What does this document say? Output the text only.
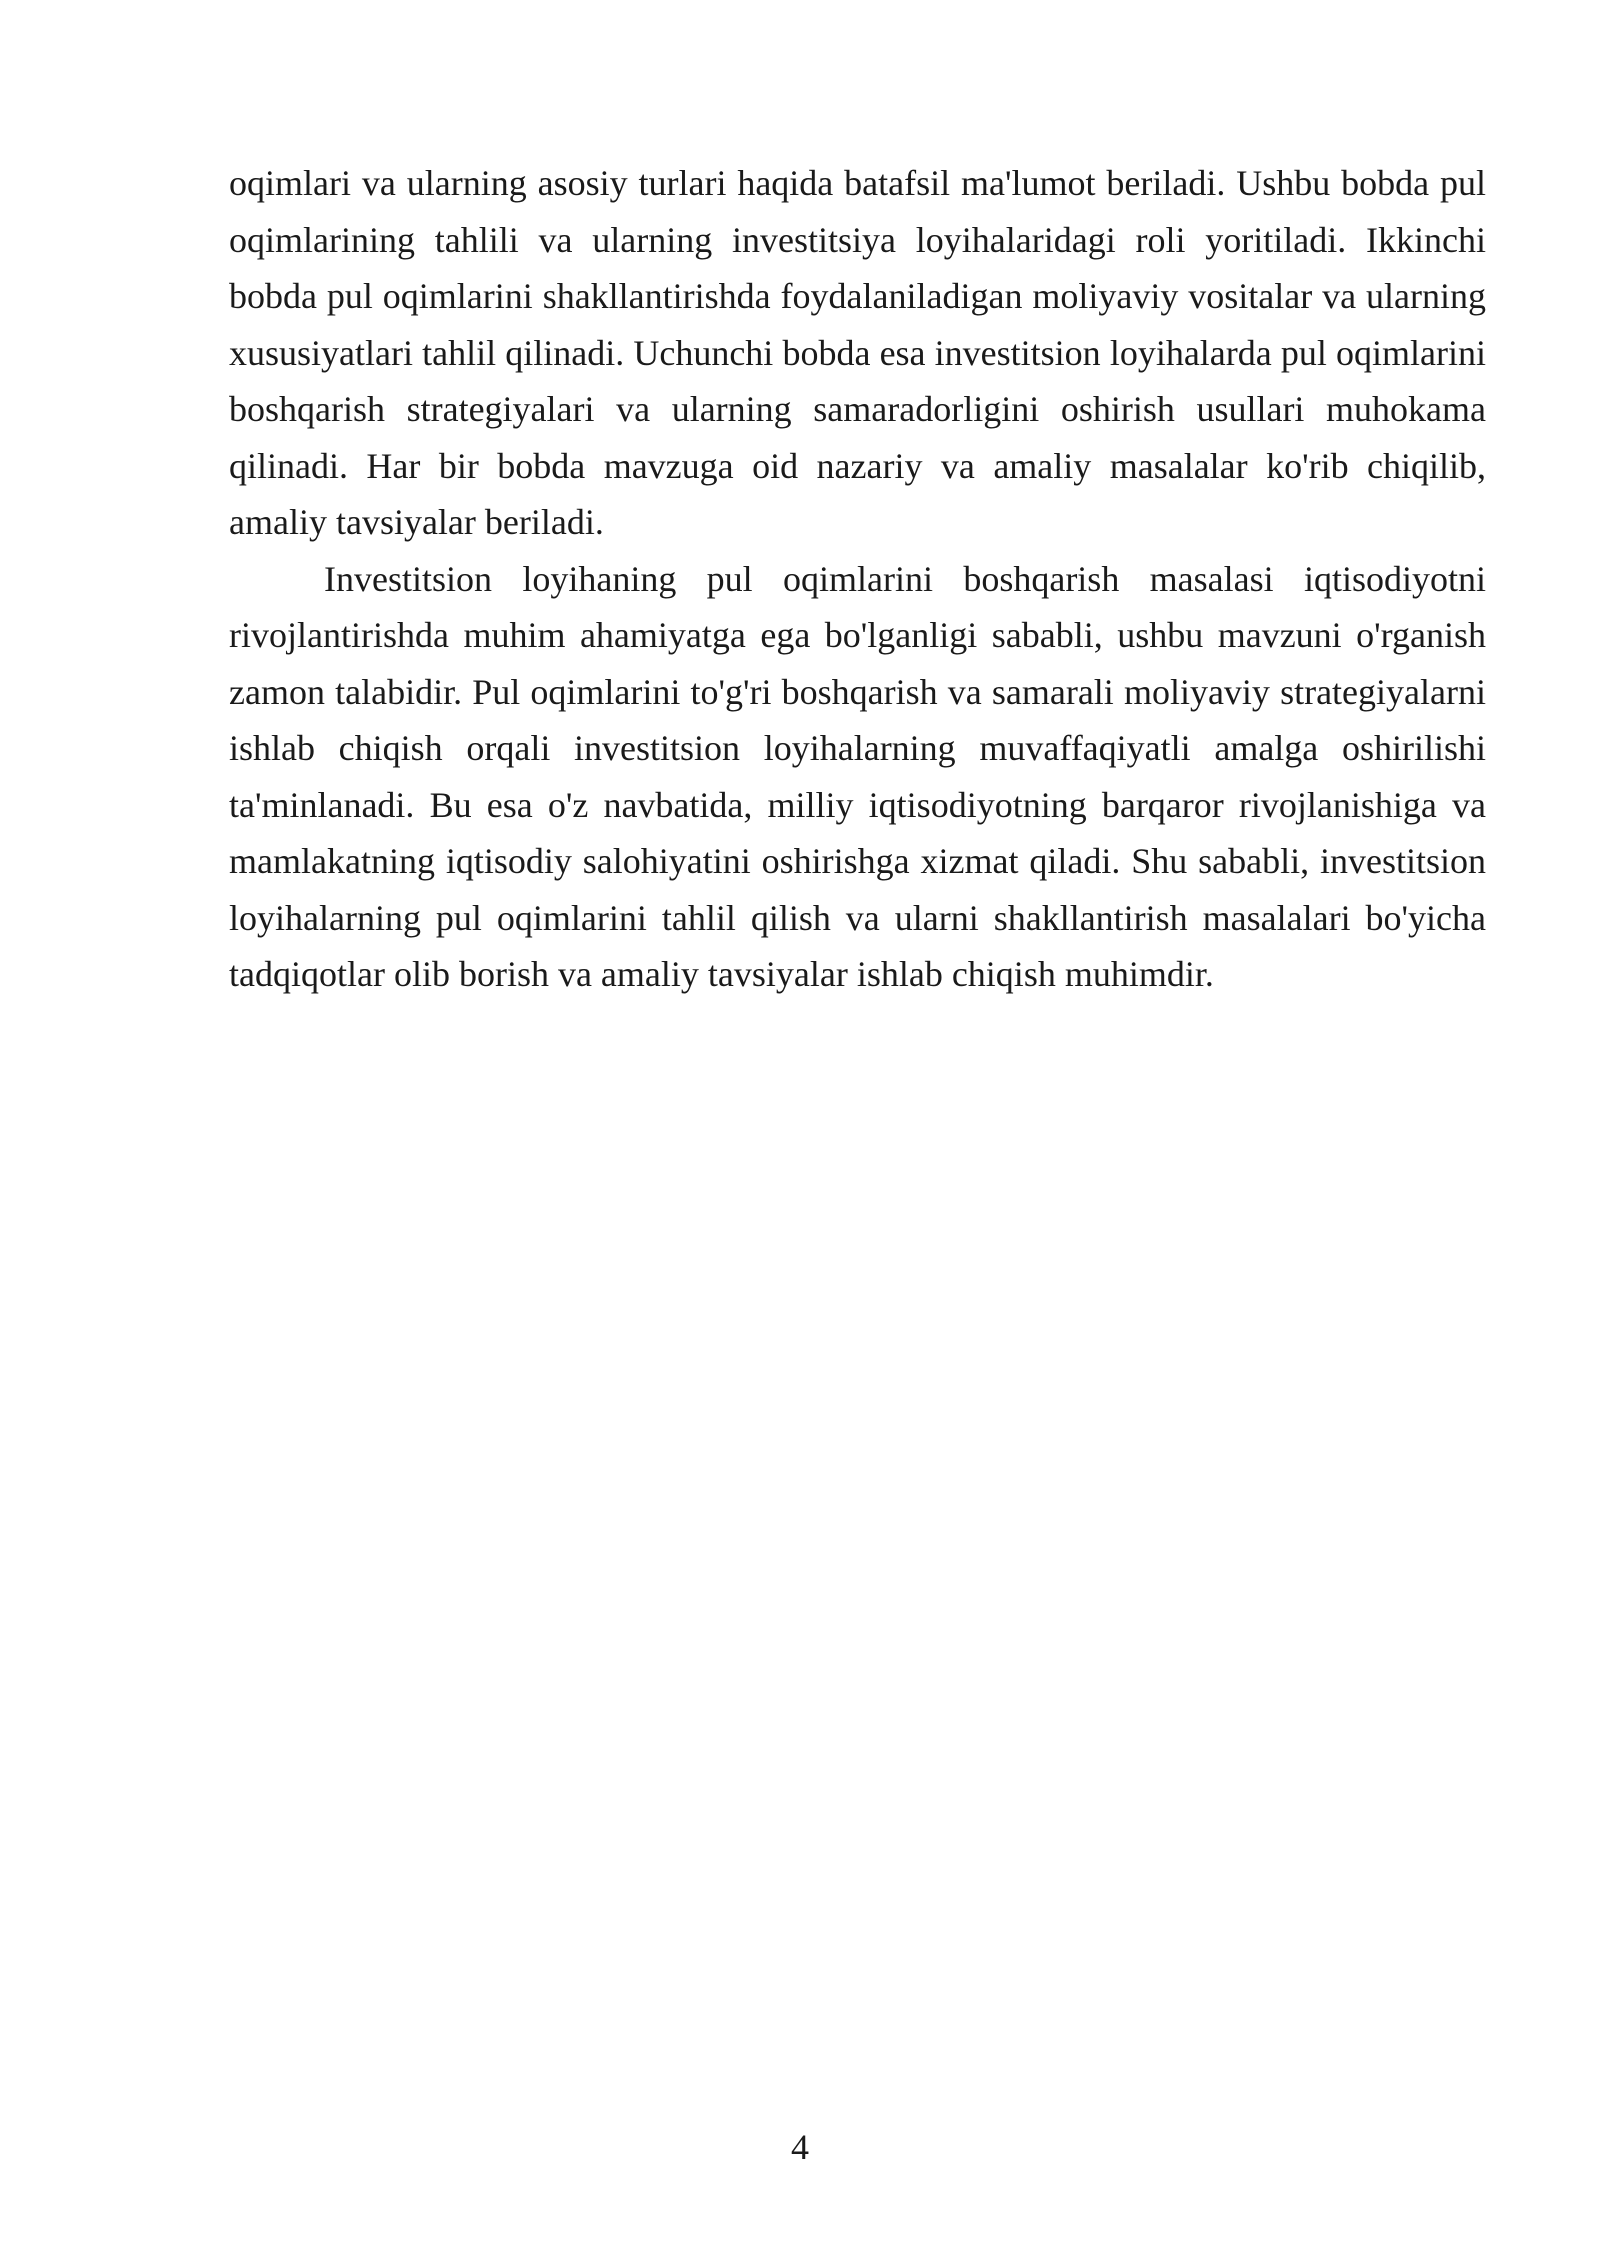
oqimlari va ularning asosiy turlari haqida batafsil ma'lumot beriladi. Ushbu bobda pul oqimlarining tahlili va ularning investitsiya loyihalaridagi roli yoritiladi. Ikkinchi bobda pul oqimlarini shakllantirishda foydalaniladigan moliyaviy vositalar va ularning xususiyatlari tahlil qilinadi. Uchunchi bobda esa investitsion loyihalarda pul oqimlarini boshqarish strategiyalari va ularning samaradorligini oshirish usullari muhokama qilinadi. Har bir bobda mavzuga oid nazariy va amaliy masalalar ko'rib chiqilib, amaliy tavsiyalar beriladi.

Investitsion loyihaning pul oqimlarini boshqarish masalasi iqtisodiyotni rivojlantirishda muhim ahamiyatga ega bo'lganligi sababli, ushbu mavzuni o'rganish zamon talabidir. Pul oqimlarini to'g'ri boshqarish va samarali moliyaviy strategiyalarni ishlab chiqish orqali investitsion loyihalarning muvaffaqiyatli amalga oshirilishi ta'minlanadi. Bu esa o'z navbatida, milliy iqtisodiyotning barqaror rivojlanishiga va mamlakatning iqtisodiy salohiyatini oshirishga xizmat qiladi. Shu sababli, investitsion loyihalarning pul oqimlarini tahlil qilish va ularni shakllantirish masalalari bo'yicha tadqiqotlar olib borish va amaliy tavsiyalar ishlab chiqish muhimdir.

4
